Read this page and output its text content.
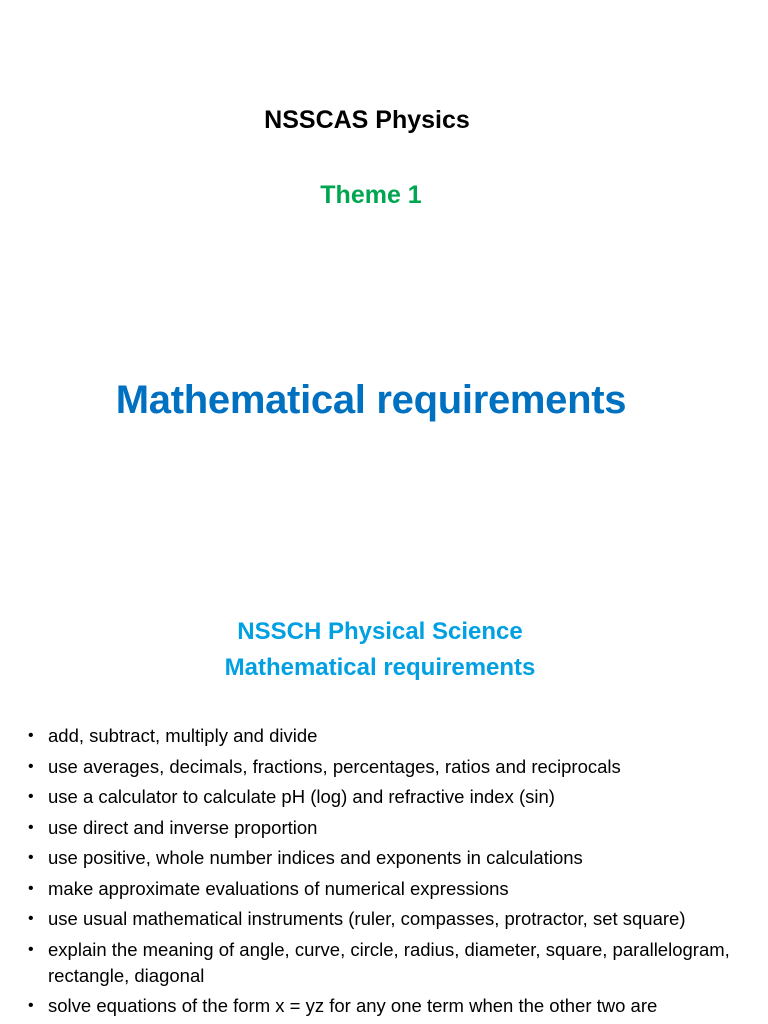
NSSCAS Physics
Theme 1
Mathematical requirements
NSSCH Physical Science
Mathematical requirements
• add, subtract, multiply and divide
• use averages, decimals, fractions, percentages, ratios and reciprocals
• use a calculator to calculate pH (log) and refractive index (sin)
• use direct and inverse proportion
• use positive, whole number indices and exponents in calculations
• make approximate evaluations of numerical expressions
• use usual mathematical instruments (ruler, compasses, protractor, set square)
• explain the meaning of angle, curve, circle, radius, diameter, square, parallelogram, rectangle, diagonal
• solve equations of the form x = yz for any one term when the other two are
